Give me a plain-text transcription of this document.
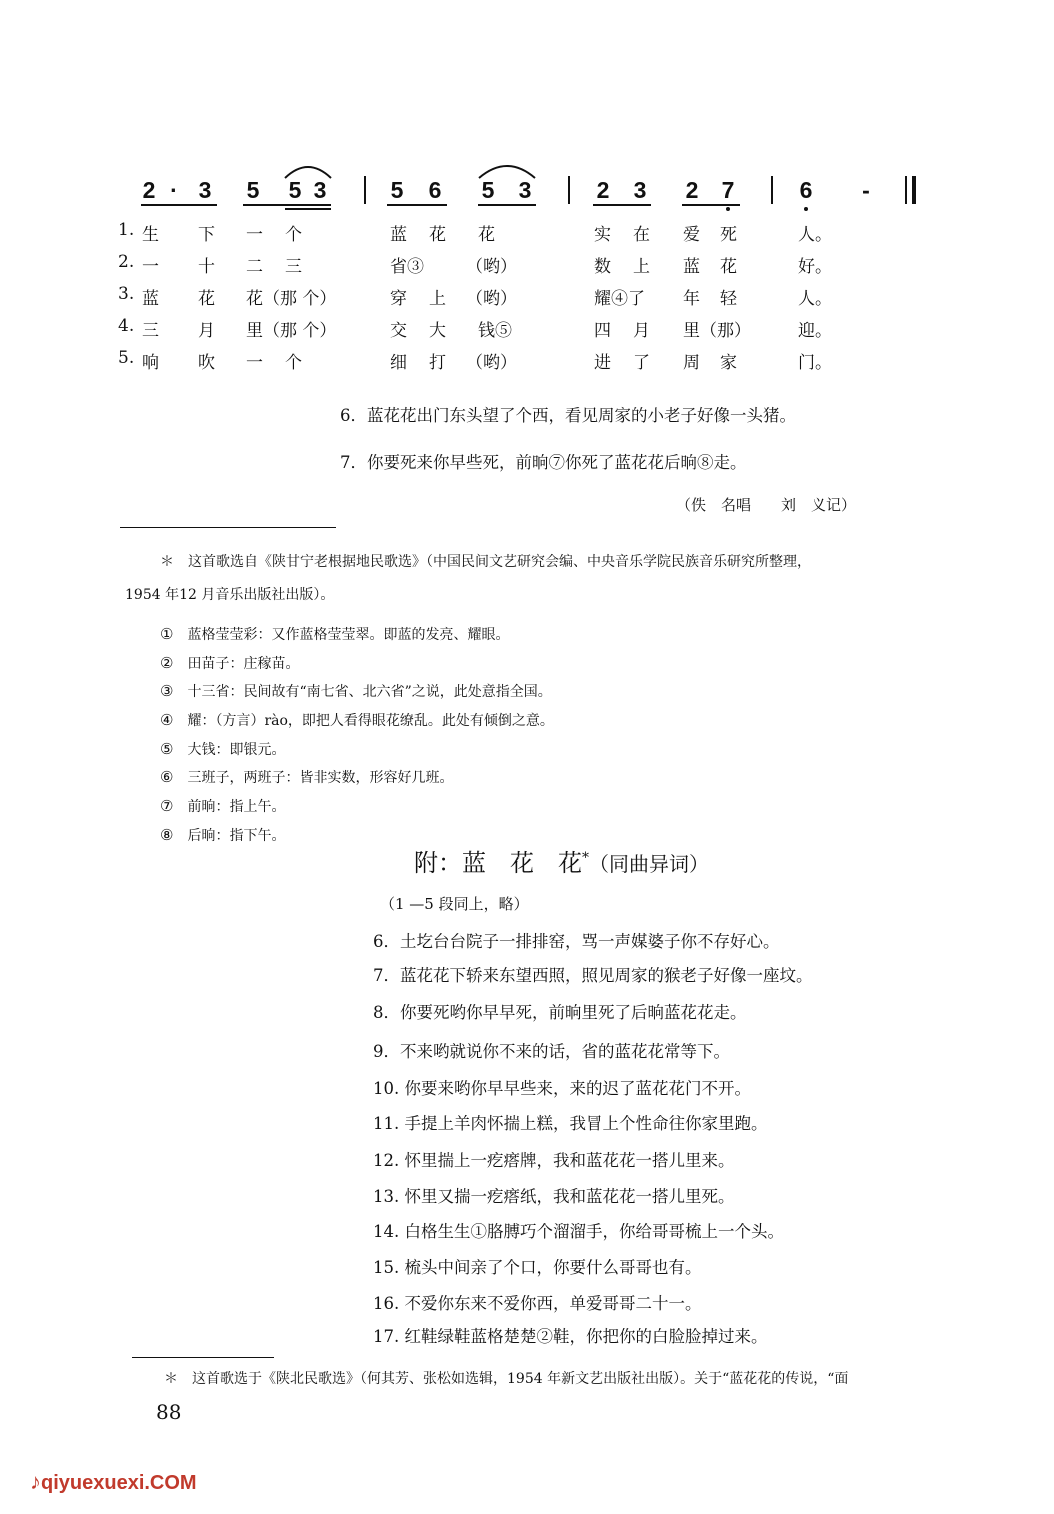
2 · 3 5 5 3	5 6 5 3	2 3 2 7	6 -
1. 生 下 一 个	蓝 花 花	实 在 爱 死	人。
2. 一 十 二 三	省③ （哟）	数 上 蓝 花	好。
3. 蓝 花 花（那 个）	穿 上 （哟）	耀④了 年 轻	人。
4. 三 月 里（那 个）	交 大 钱⑤	四 月 里（那）	迎。
5. 响 吹 一 个	细 打 （哟）	进 了 周 家	门。
6．蓝花花出门东头望了个西，看见周家的小老子好像一头猪。
7．你要死来你早些死，前晌⑦你死了蓝花花后晌⑧走。
（佚　名唱　　刘　义记）
＊　这首歌选自《陕甘宁老根据地民歌选》（中国民间文艺研究会编、中央音乐学院民族音乐研究所整理，
1954 年12 月音乐出版社出版）。
①　 蓝格莹莹彩：又作蓝格莹莹翠。即蓝的发亮、耀眼。
②　 田苗子：庄稼苗。
③　 十三省：民间故有“南七省、北六省”之说，此处意指全国。
④　 耀：（方言）rào，即把人看得眼花缭乱。此处有倾倒之意。
⑤　 大钱：即银元。
⑥　 三班子，两班子：皆非实数，形容好几班。
⑦　 前晌：指上午。
⑧　 后晌：指下午。
附：蓝　花　花*（同曲异词）
（1 —5 段同上，略）
6．土圪台台院子一排排窑，骂一声媒婆子你不存好心。
7．蓝花花下轿来东望西照，照见周家的猴老子好像一座坟。
8．你要死哟你早早死，前晌里死了后晌蓝花花走。
9．不来哟就说你不来的话，省的蓝花花常等下。
10. 你要来哟你早早些来，来的迟了蓝花花门不开。
11. 手提上羊肉怀揣上糕，我冒上个性命往你家里跑。
12. 怀里揣上一疙瘩牌，我和蓝花花一搭儿里来。
13. 怀里又揣一疙瘩纸，我和蓝花花一搭儿里死。
14. 白格生生①胳膊巧个溜溜手，你给哥哥梳上一个头。
15. 梳头中间亲了个口，你要什么哥哥也有。
16. 不爱你东来不爱你西，单爱哥哥二十一。
17. 红鞋绿鞋蓝格楚楚②鞋，你把你的白脸脸掉过来。
＊　这首歌选于《陕北民歌选》（何其芳、张松如选辑，1954 年新文艺出版社出版）。关于“蓝花花的传说，“面
88
♪qiyuexuexi.COM
